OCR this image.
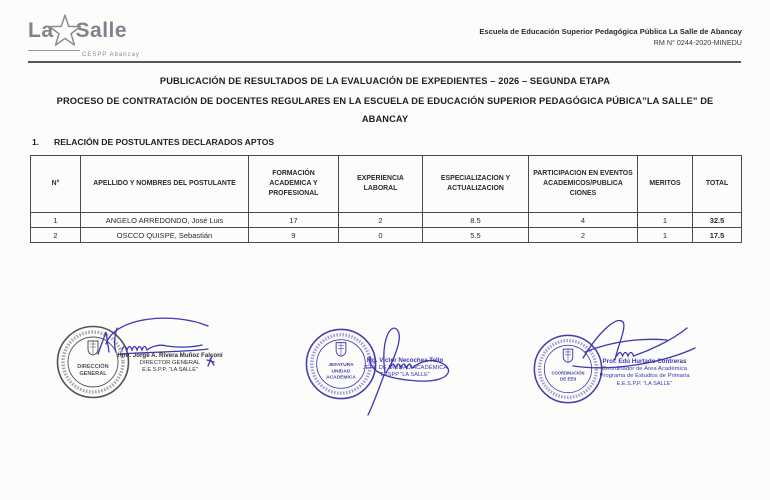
La Salle
CESPP Abancay
Escuela de Educación Superior Pedagógica Pública La Salle de Abancay
RM N° 0244-2020-MINEDU
PUBLICACIÓN DE RESULTADOS DE LA EVALUACIÓN DE EXPEDIENTES – 2026 – SEGUNDA ETAPA
PROCESO DE CONTRATACIÓN DE DOCENTES REGULARES EN LA ESCUELA DE EDUCACIÓN SUPERIOR PEDAGÓGICA PÚBICA”LA SALLE” DE
ABANCAY
1. RELACIÓN DE POSTULANTES DECLARADOS APTOS
N°	APELLIDO Y NOMBRES DEL POSTULANTE	FORMACIÓN ACADEMICA Y PROFESIONAL	EXPERIENCIA LABORAL	ESPECIALIZACION Y ACTUALIZACION	PARTICIPACION EN EVENTOS ACADEMICOS/PUBLICA CIONES	MERITOS	TOTAL
1	ANGELO ARREDONDO, José Luis	17	2	8.5	4	1	32.5
2	OSCCO QUISPE, Sebastián	9	0	5.5	2	1	17.5
DIRECCIÓN
GENERAL
Hno. Jorge A. Rivera Muñoz Falconí
DIRECTOR GENERAL
E.E.S.P.P. “LA SALLE”
JEFATURA
UNIDAD
ACADÉMICA
Mg. Víctor Necochea Tello
JEFE DE UNIDAD ACADÉMICA
EESPP “LA SALLE”	COORDINACIÓN
DE EEII
Prof. Edú Hurtado Contreras
Coordinador de Área Académica
Programa de Estudios de Primaria
E.E.S.P.P. “LA SALLE”
